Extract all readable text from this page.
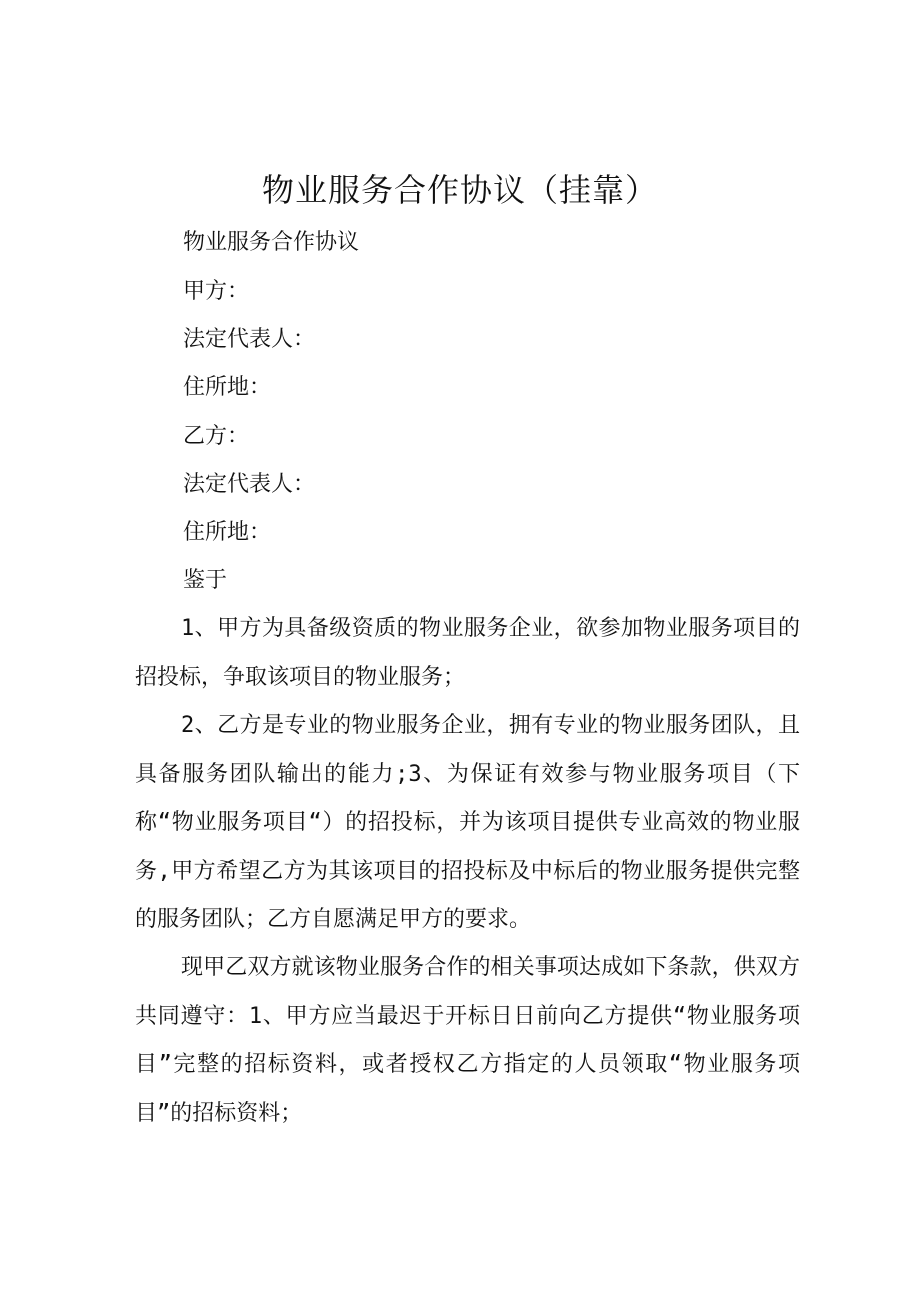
物业服务合作协议（挂靠）
物业服务合作协议
甲方：
法定代表人：
住所地：
乙方：
法定代表人：
住所地：
鉴于
1、甲方为具备级资质的物业服务企业，欲参加物业服务项目的招投标，争取该项目的物业服务；
2、乙方是专业的物业服务企业，拥有专业的物业服务团队，且具备服务团队输出的能力;3、为保证有效参与物业服务项目（下称“物业服务项目“）的招投标，并为该项目提供专业高效的物业服务,甲方希望乙方为其该项目的招投标及中标后的物业服务提供完整的服务团队；乙方自愿满足甲方的要求。
现甲乙双方就该物业服务合作的相关事项达成如下条款，供双方共同遵守：1、甲方应当最迟于开标日日前向乙方提供“物业服务项目”完整的招标资料，或者授权乙方指定的人员领取“物业服务项目”的招标资料；
